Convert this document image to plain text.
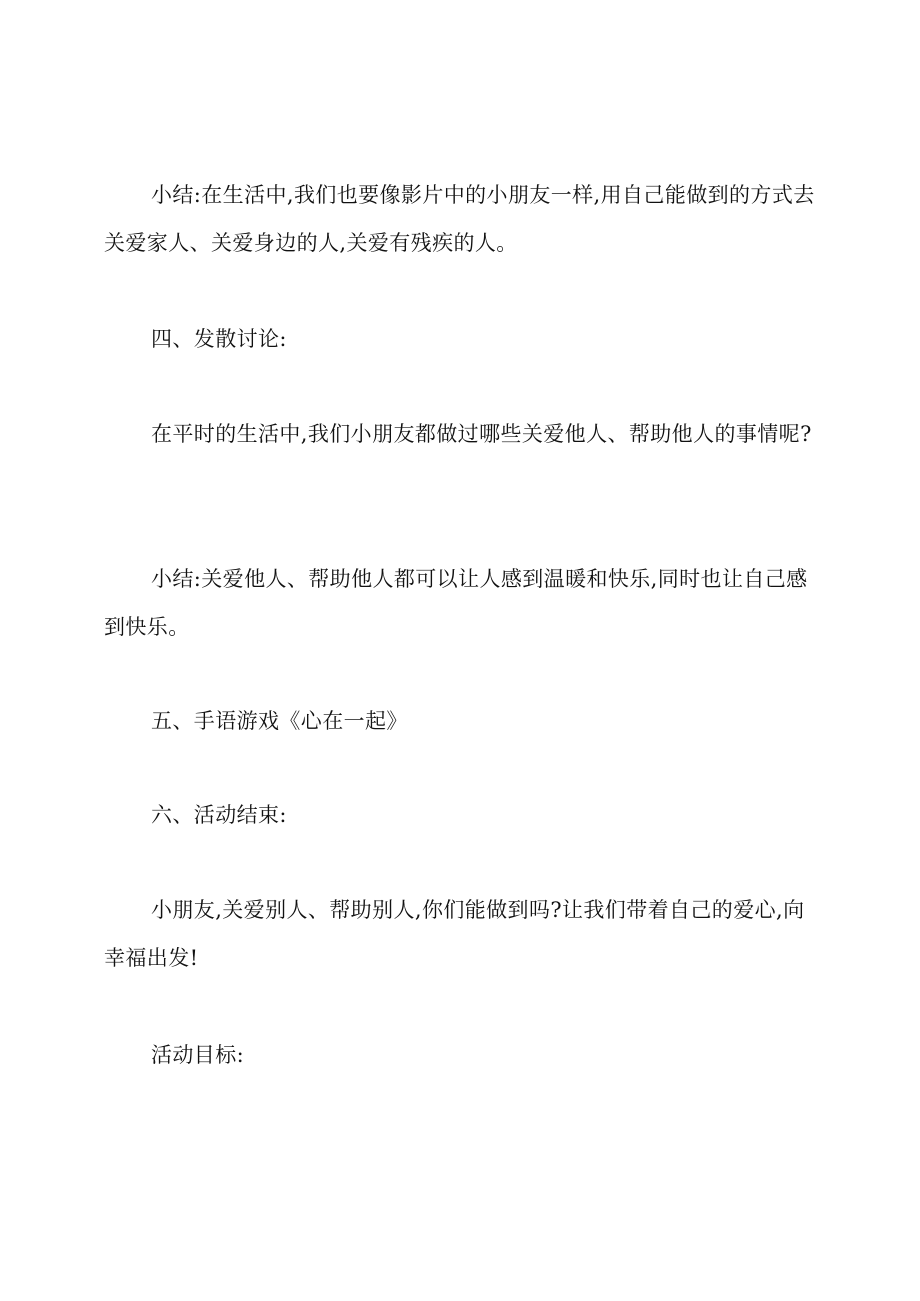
小结:在生活中,我们也要像影片中的小朋友一样,用自己能做到的方式去关爱家人、关爱身边的人,关爱有残疾的人。

四、发散讨论:

在平时的生活中,我们小朋友都做过哪些关爱他人、帮助他人的事情呢?

小结:关爱他人、帮助他人都可以让人感到温暖和快乐,同时也让自己感到快乐。

五、手语游戏《心在一起》

六、活动结束:

小朋友,关爱别人、帮助别人,你们能做到吗?让我们带着自己的爱心,向幸福出发!

活动目标:
